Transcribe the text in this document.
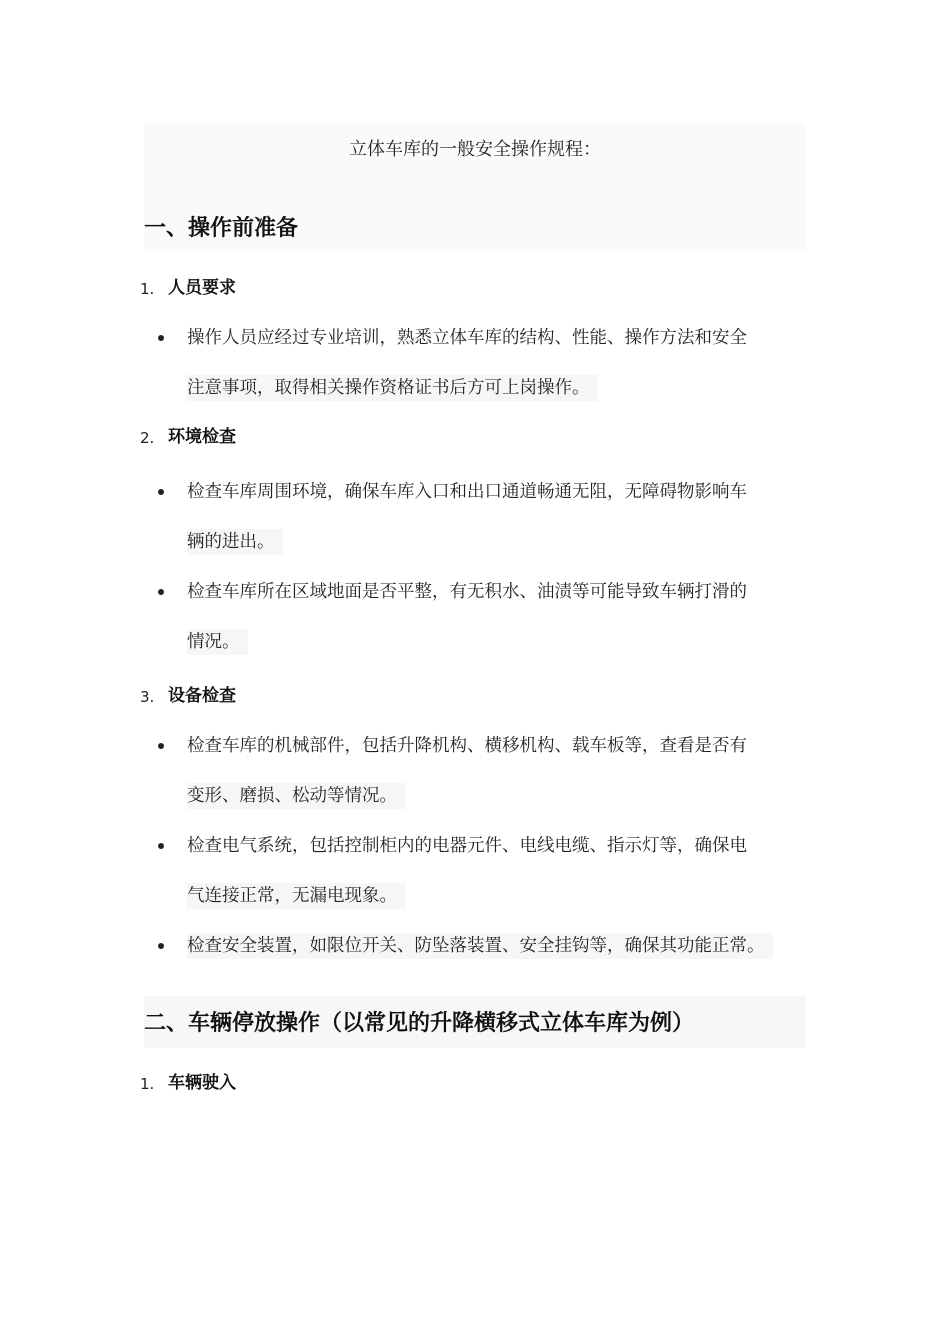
立体车库的一般安全操作规程：
一、操作前准备
1. 人员要求
操作人员应经过专业培训，熟悉立体车库的结构、性能、操作方法和安全
注意事项，取得相关操作资格证书后方可上岗操作。
2. 环境检查
检查车库周围环境，确保车库入口和出口通道畅通无阻，无障碍物影响车
辆的进出。
检查车库所在区域地面是否平整，有无积水、油渍等可能导致车辆打滑的
情况。
3. 设备检查
检查车库的机械部件，包括升降机构、横移机构、载车板等，查看是否有
变形、磨损、松动等情况。
检查电气系统，包括控制柜内的电器元件、电线电缆、指示灯等，确保电
气连接正常，无漏电现象。
检查安全装置，如限位开关、防坠落装置、安全挂钩等，确保其功能正常。
二、车辆停放操作（以常见的升降横移式立体车库为例）
1. 车辆驶入
